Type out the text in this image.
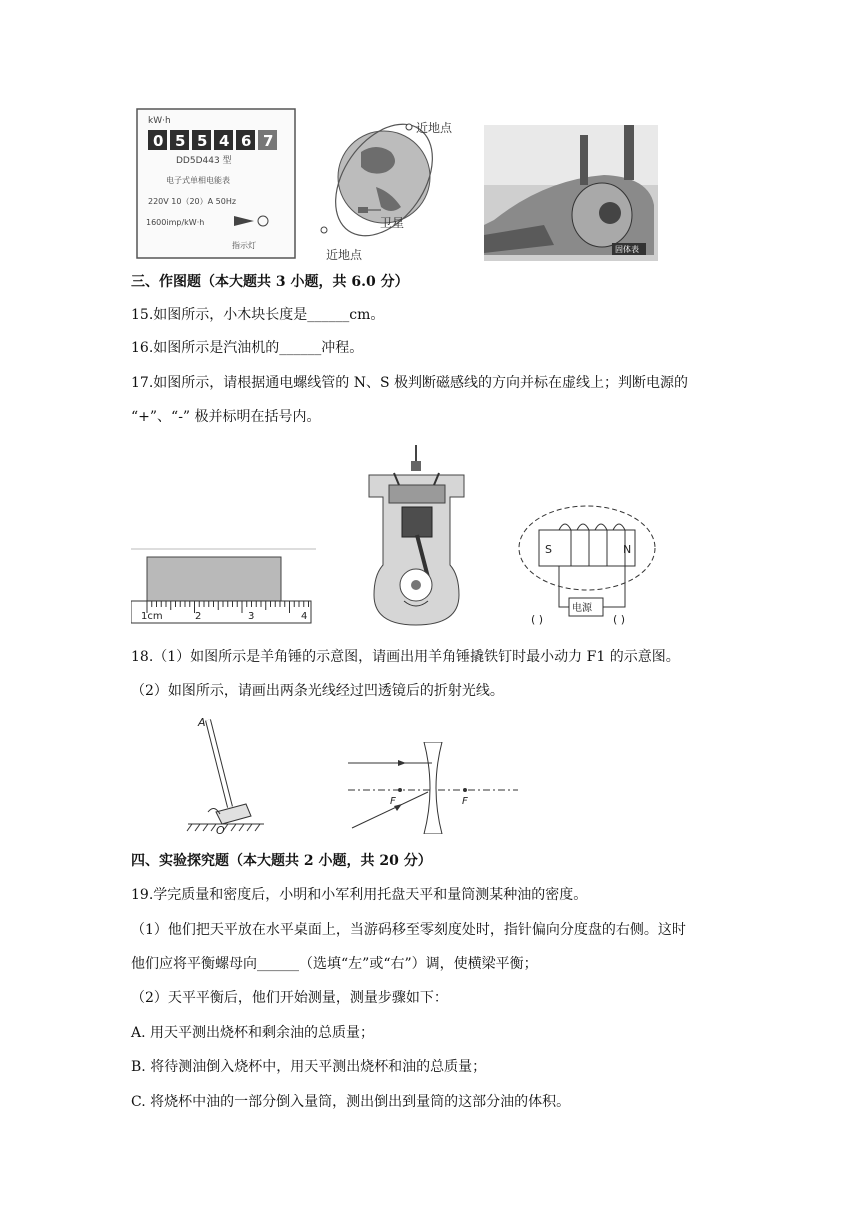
kW·h
0 5 5 4 6 7
DD5D443 型
电子式单相电能表
220V 10（20）A 50Hz
1600imp/kW·h
指示灯
近地点
卫星
近地点	固体表
三、作图题（本大题共 3 小题，共 6.0 分）
15.如图所示，小木块长度是______cm。
16.如图所示是汽油机的______冲程。
17.如图所示，请根据通电螺线管的 N、S 极判断磁感线的方向并标在虚线上；判断电源的
“+”、“-” 极并标明在括号内。
1cm	2	3	4
S	N
电源
( )	( )
18.（1）如图所示是羊角锤的示意图，请画出用羊角锤撬铁钉时最小动力 F1 的示意图。
（2）如图所示，请画出两条光线经过凹透镜后的折射光线。
A
O
F	F
四、实验探究题（本大题共 2 小题，共 20 分）
19.学完质量和密度后，小明和小军利用托盘天平和量筒测某种油的密度。
（1）他们把天平放在水平桌面上，当游码移至零刻度处时，指针偏向分度盘的右侧。这时
他们应将平衡螺母向______（选填“左”或“右”）调，使横梁平衡；
（2）天平平衡后，他们开始测量，测量步骤如下：
A. 用天平测出烧杯和剩余油的总质量；
B. 将待测油倒入烧杯中，用天平测出烧杯和油的总质量；
C. 将烧杯中油的一部分倒入量筒，测出倒出到量筒的这部分油的体积。
